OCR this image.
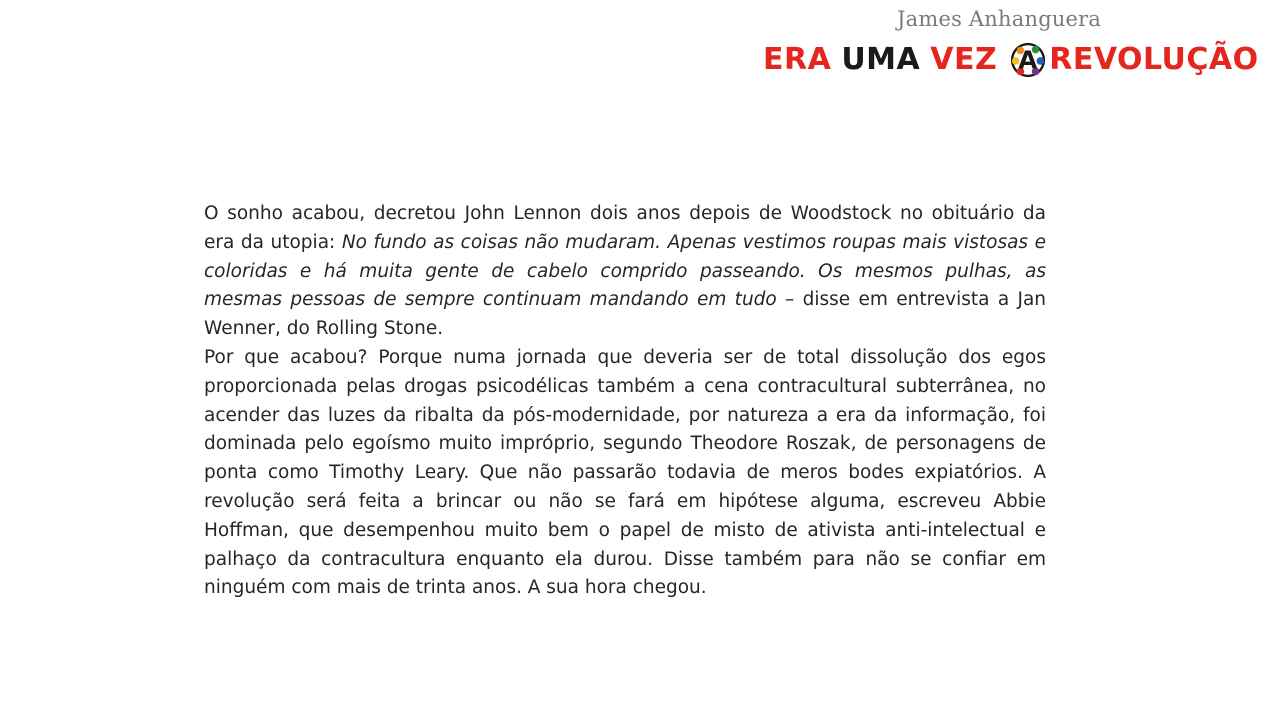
James Anhanguera
ERA UMA VEZ A REVOLUÇÃO

O sonho acabou, decretou John Lennon dois anos depois de Woodstock no obituário da era da utopia: No fundo as coisas não mudaram. Apenas vestimos roupas mais vistosas e coloridas e há muita gente de cabelo comprido passeando. Os mesmos pulhas, as mesmas pessoas de sempre continuam mandando em tudo – disse em entrevista a Jan Wenner, do Rolling Stone.

Por que acabou? Porque numa jornada que deveria ser de total dissolução dos egos proporcionada pelas drogas psicodélicas também a cena contracultural subterrânea, no acender das luzes da ribalta da pós-modernidade, por natureza a era da informação, foi dominada pelo egoísmo muito impróprio, segundo Theodore Roszak, de personagens de ponta como Timothy Leary. Que não passarão todavia de meros bodes expiatórios. A revolução será feita a brincar ou não se fará em hipótese alguma, escreveu Abbie Hoffman, que desempenhou muito bem o papel de misto de ativista anti-intelectual e palhaço da contracultura enquanto ela durou. Disse também para não se confiar em ninguém com mais de trinta anos. A sua hora chegou.
